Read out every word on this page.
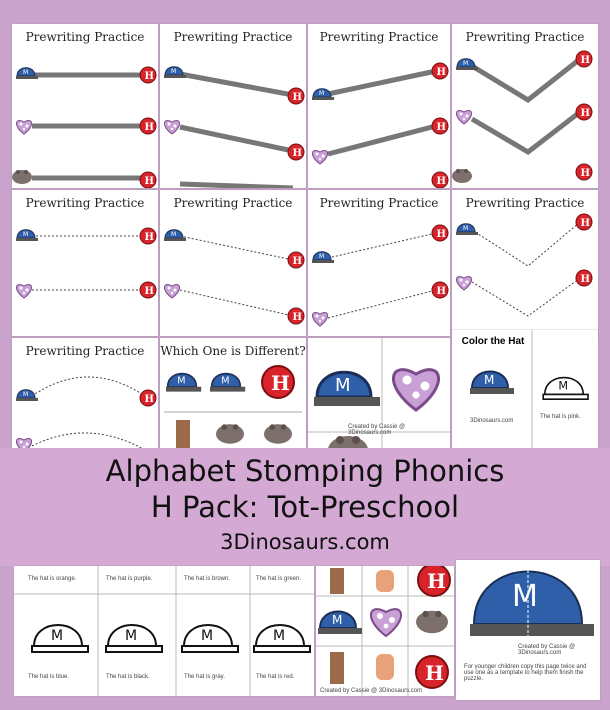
Prewriting Practice	Prewriting Practice	Prewriting Practice	Prewriting Practice
Prewriting Practice	Prewriting Practice	Prewriting Practice	Prewriting Practice
Prewriting Practice	Which One is Different?
Created by Cassie @ 3Dinosaurs.com
Color the Hat
3Dinosaurs.com
The hat is pink.
Alphabet Stomping Phonics
H Pack: Tot-Preschool
3Dinosaurs.com
The hat is orange.	The hat is purple.	The hat is brown.	The hat is green.
The hat is blue.	The hat is black.	The hat is gray.	The hat is red.
Created by Cassie @ 3Dinosaurs.com
M
Created by Cassie @ 3Dinosaurs.com
For younger children copy this page twice and use one as a template to help them finish the puzzle.
